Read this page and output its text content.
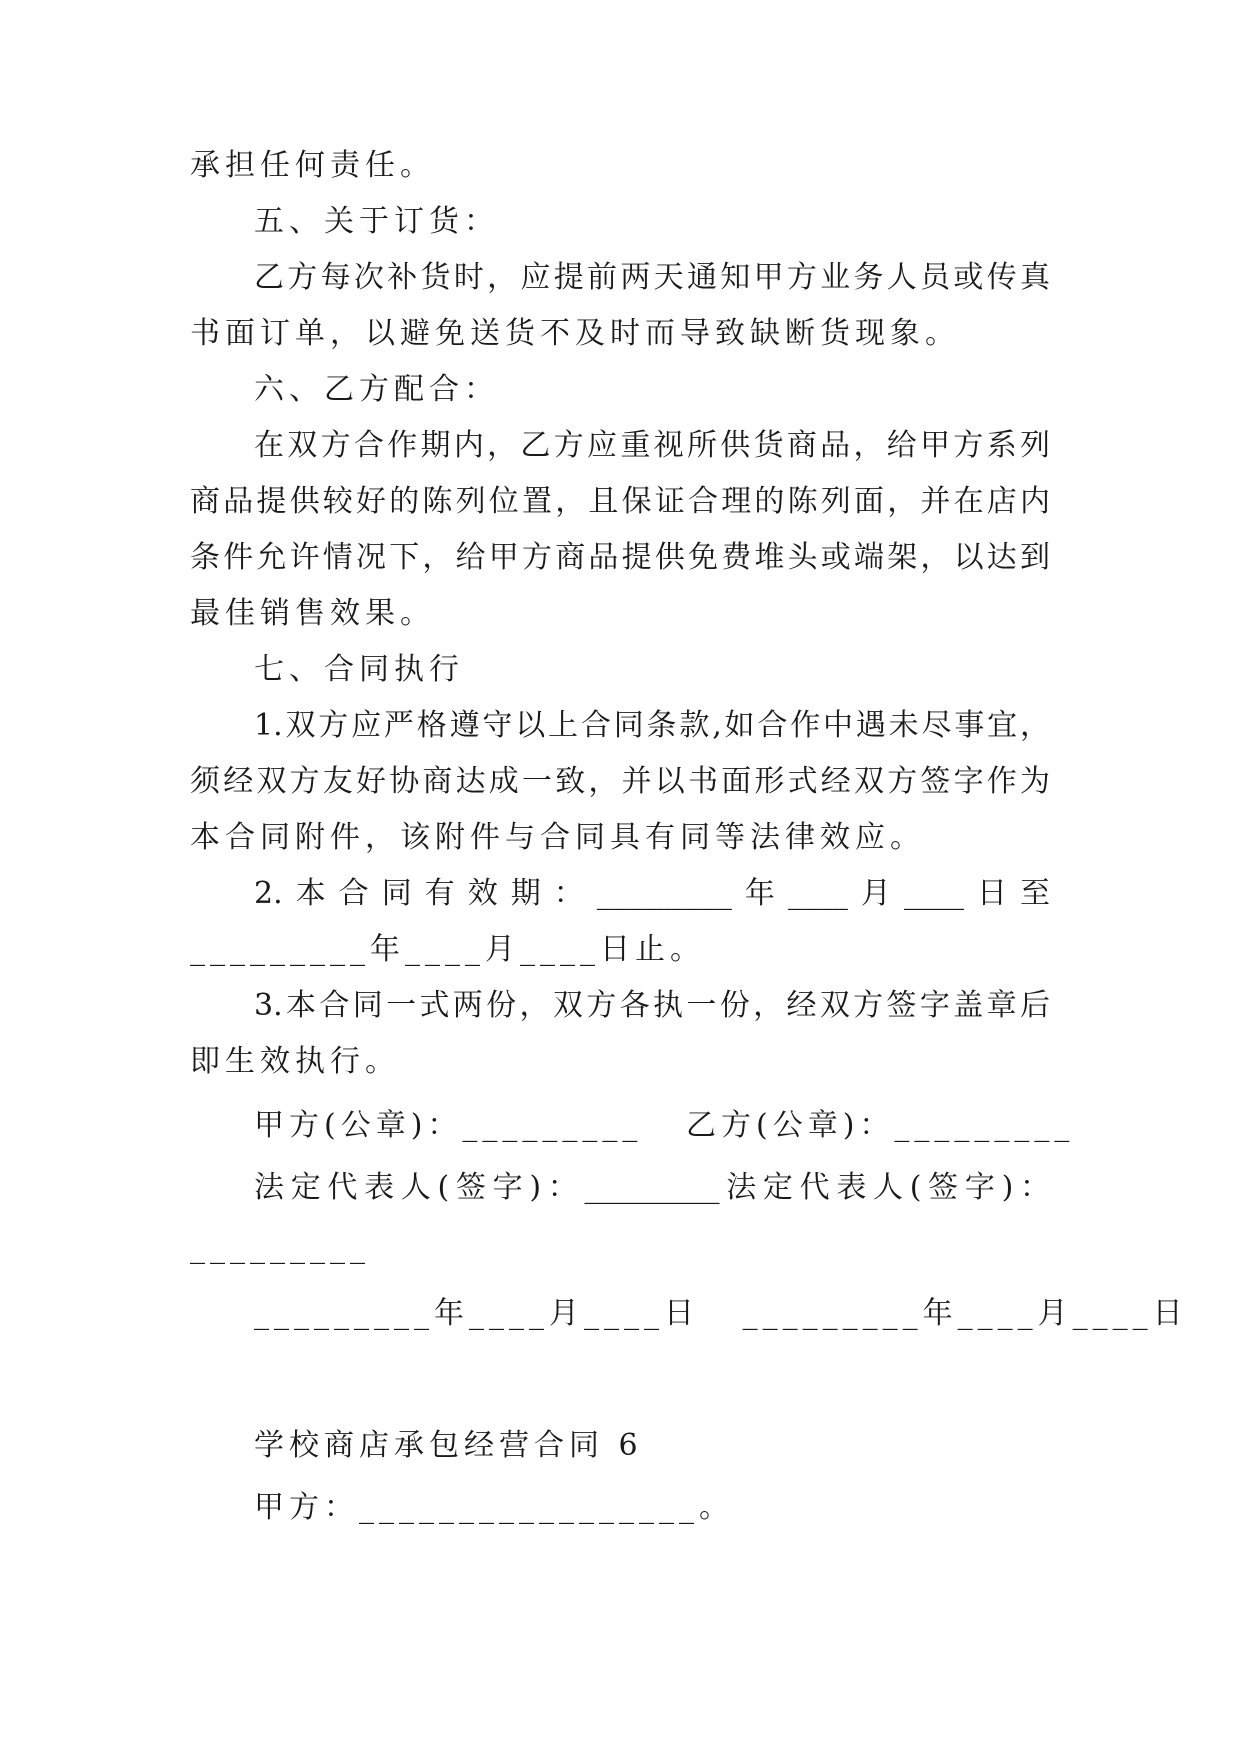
承担任何责任。
五、关于订货：
乙方每次补货时，应提前两天通知甲方业务人员或传真
书面订单，以避免送货不及时而导致缺断货现象。
六、乙方配合：
在双方合作期内，乙方应重视所供货商品，给甲方系列
商品提供较好的陈列位置，且保证合理的陈列面，并在店内
条件允许情况下，给甲方商品提供免费堆头或端架，以达到
最佳销售效果。
七、合同执行
1.双方应严格遵守以上合同条款,如合作中遇未尽事宜，
须经双方友好协商达成一致，并以书面形式经双方签字作为
本合同附件，该附件与合同具有同等法律效应。
2.本合同有效期：_________年____月____日至
_________年____月____日止。
3.本合同一式两份，双方各执一份，经双方签字盖章后
即生效执行。
甲方(公章)：_________   乙方(公章)：_________
法定代表人(签字)：_________法定代表人(签字)：
_________
_________年____月____日   _________年____月____日
学校商店承包经营合同 6
甲方：_________________。
